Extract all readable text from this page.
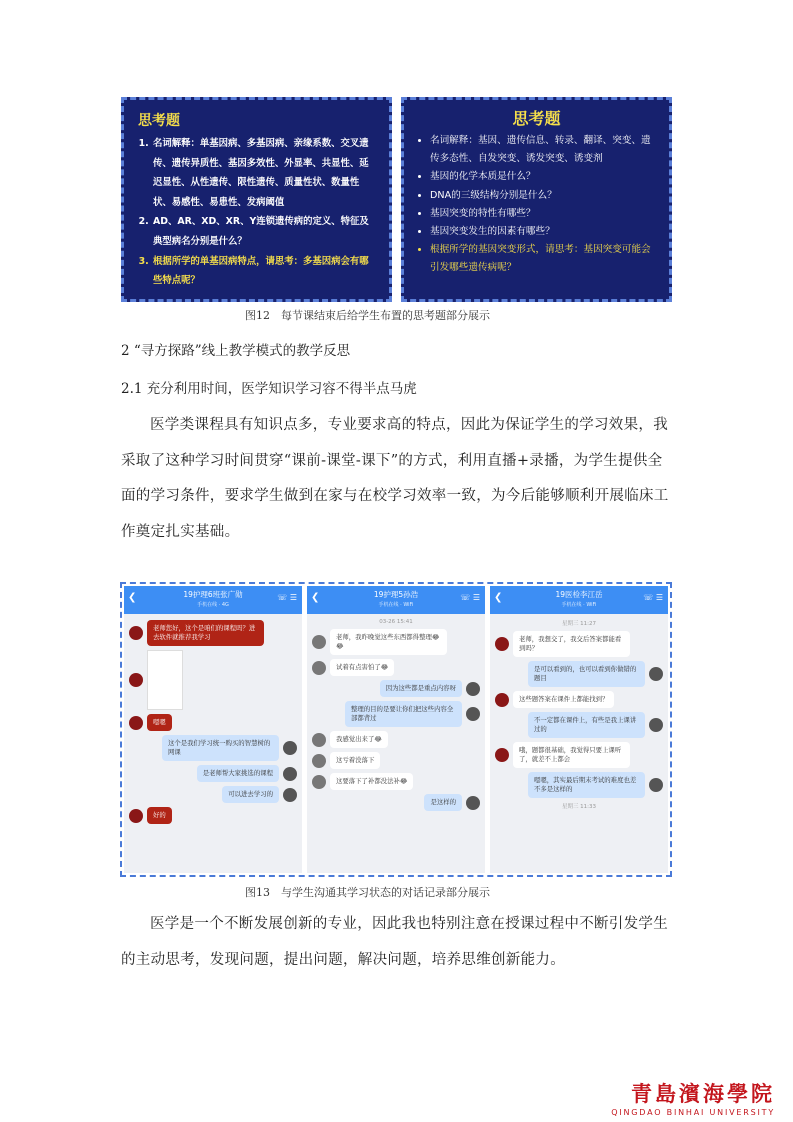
思考题
1. 名词解释：单基因病、多基因病、亲缘系数、交叉遗传、遗传异质性、基因多效性、外显率、共显性、延迟显性、从性遗传、限性遗传、质量性状、数量性状、易感性、易患性、发病阈值
2. AD、AR、XD、XR、Y连锁遗传病的定义、特征及典型病名分别是什么？
3. 根据所学的单基因病特点，请思考：多基因病会有哪些特点呢？
思考题
• 名词解释：基因、遗传信息、转录、翻译、突变、遗传多态性、自发突变、诱发突变、诱变剂
• 基因的化学本质是什么？
• DNA的三级结构分别是什么？
• 基因突变的特性有哪些？
• 基因突变发生的因素有哪些？
• 根据所学的基因突变形式，请思考：基因突变可能会引发哪些遗传病呢？
图12　每节课结束后给学生布置的思考题部分展示
2 “寻方探路”线上教学模式的教学反思
2.1 充分利用时间，医学知识学习容不得半点马虎

医学类课程具有知识点多，专业要求高的特点，因此为保证学生的学习效果，我采取了这种学习时间贯穿“课前-课堂-课下”的方式，利用直播+录播，为学生提供全面的学习条件，要求学生做到在家与在校学习效率一致，为今后能够顺利开展临床工作奠定扎实基础。

❮	19护理6班张广勋
手机在线 · 4G
☏ ☰
老师您好，这个是咱们的课程吗？进去软件就推荐我学习
嗯嗯
这个是我们学习统一购买的智慧树的网课
是老师帮大家挑选的课程
可以进去学习的
好的
❮	19护理5孙浩
手机在线 · WiFi
☏ ☰
03-26 15:41
老师，我昨晚觉这些东西都得整理😂😂
试着有点害怕了😂
因为这些都是重点内容呀
整理的目的是要让你们把这些内容全部都背过
我感觉出来了😂
这亏着没落下
这要落下了补都没法补😂
是这样的
❮	19医检李江岳
手机在线 · WiFi
☏ ☰
星期三 11:27
老师，我想交了，我交后答案都能看到吗？
是可以看到的，也可以看到你做错的题目
这些题答案在课件上都能找到？
不一定都在课件上，有些是我上课讲过的
哦，题都很基础，我觉得只要上课听了，就差不上都会
嗯嗯，其实最后期末考试的难度也差不多是这样的
星期三 11:33
图13　与学生沟通其学习状态的对话记录部分展示

医学是一个不断发展创新的专业，因此我也特别注意在授课过程中不断引发学生的主动思考，发现问题，提出问题，解决问题，培养思维创新能力。

青島濱海學院
QINGDAO BINHAI UNIVERSITY
